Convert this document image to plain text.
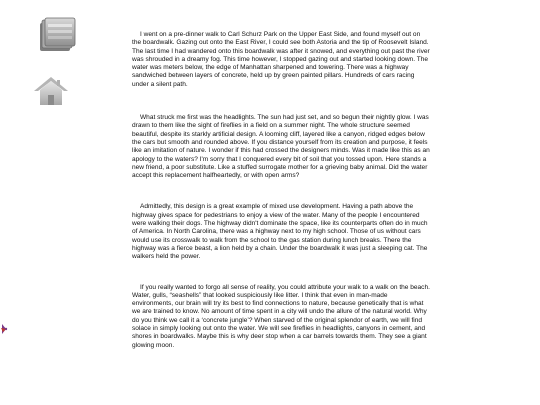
I went on a pre-dinner walk to Carl Schurz Park on the Upper East Side, and found myself out on the boardwalk. Gazing out onto the East River, I could see both Astoria and the tip of Roosevelt Island. The last time I had wandered onto this boardwalk was after it snowed, and everything out past the river was shrouded in a dreamy fog. This time however, I stopped gazing out and started looking down. The water was meters below, the edge of Manhattan sharpened and towering. There was a highway sandwiched between layers of concrete, held up by green painted pillars. Hundreds of cars racing under a silent path.

What struck me first was the headlights. The sun had just set, and so begun their nightly glow. I was drawn to them like the sight of fireflies in a field on a summer night. The whole structure seemed beautiful, despite its starkly artificial design. A looming cliff, layered like a canyon, ridged edges below the cars but smooth and rounded above. If you distance yourself from its creation and purpose, it feels like an imitation of nature. I wonder if this had crossed the designers minds. Was it made like this as an apology to the waters? I'm sorry that I conquered every bit of soil that you tossed upon. Here stands a new friend, a poor substitute. Like a stuffed surrogate mother for a grieving baby animal. Did the water accept this replacement halfheartedly, or with open arms?

Admittedly, this design is a great example of mixed use development. Having a path above the highway gives space for pedestrians to enjoy a view of the water. Many of the people I encountered were walking their dogs. The highway didn't dominate the space, like its counterparts often do in much of America. In North Carolina, there was a highway next to my high school. Those of us without cars would use its crosswalk to walk from the school to the gas station during lunch breaks. There the highway was a fierce beast, a lion held by a chain. Under the boardwalk it was just a sleeping cat. The walkers held the power.

If you really wanted to forgo all sense of reality, you could attribute your walk to a walk on the beach. Water, gulls, “seashells” that looked suspiciously like litter. I think that even in man-made environments, our brain will try its best to find connections to nature, because genetically that is what we are trained to know. No amount of time spent in a city will undo the allure of the natural world. Why do you think we call it a ‘concrete jungle’? When starved of the original splendor of earth, we will find solace in simply looking out onto the water. We will see fireflies in headlights, canyons in cement, and shores in boardwalks. Maybe this is why deer stop when a car barrels towards them. They see a giant glowing moon.
